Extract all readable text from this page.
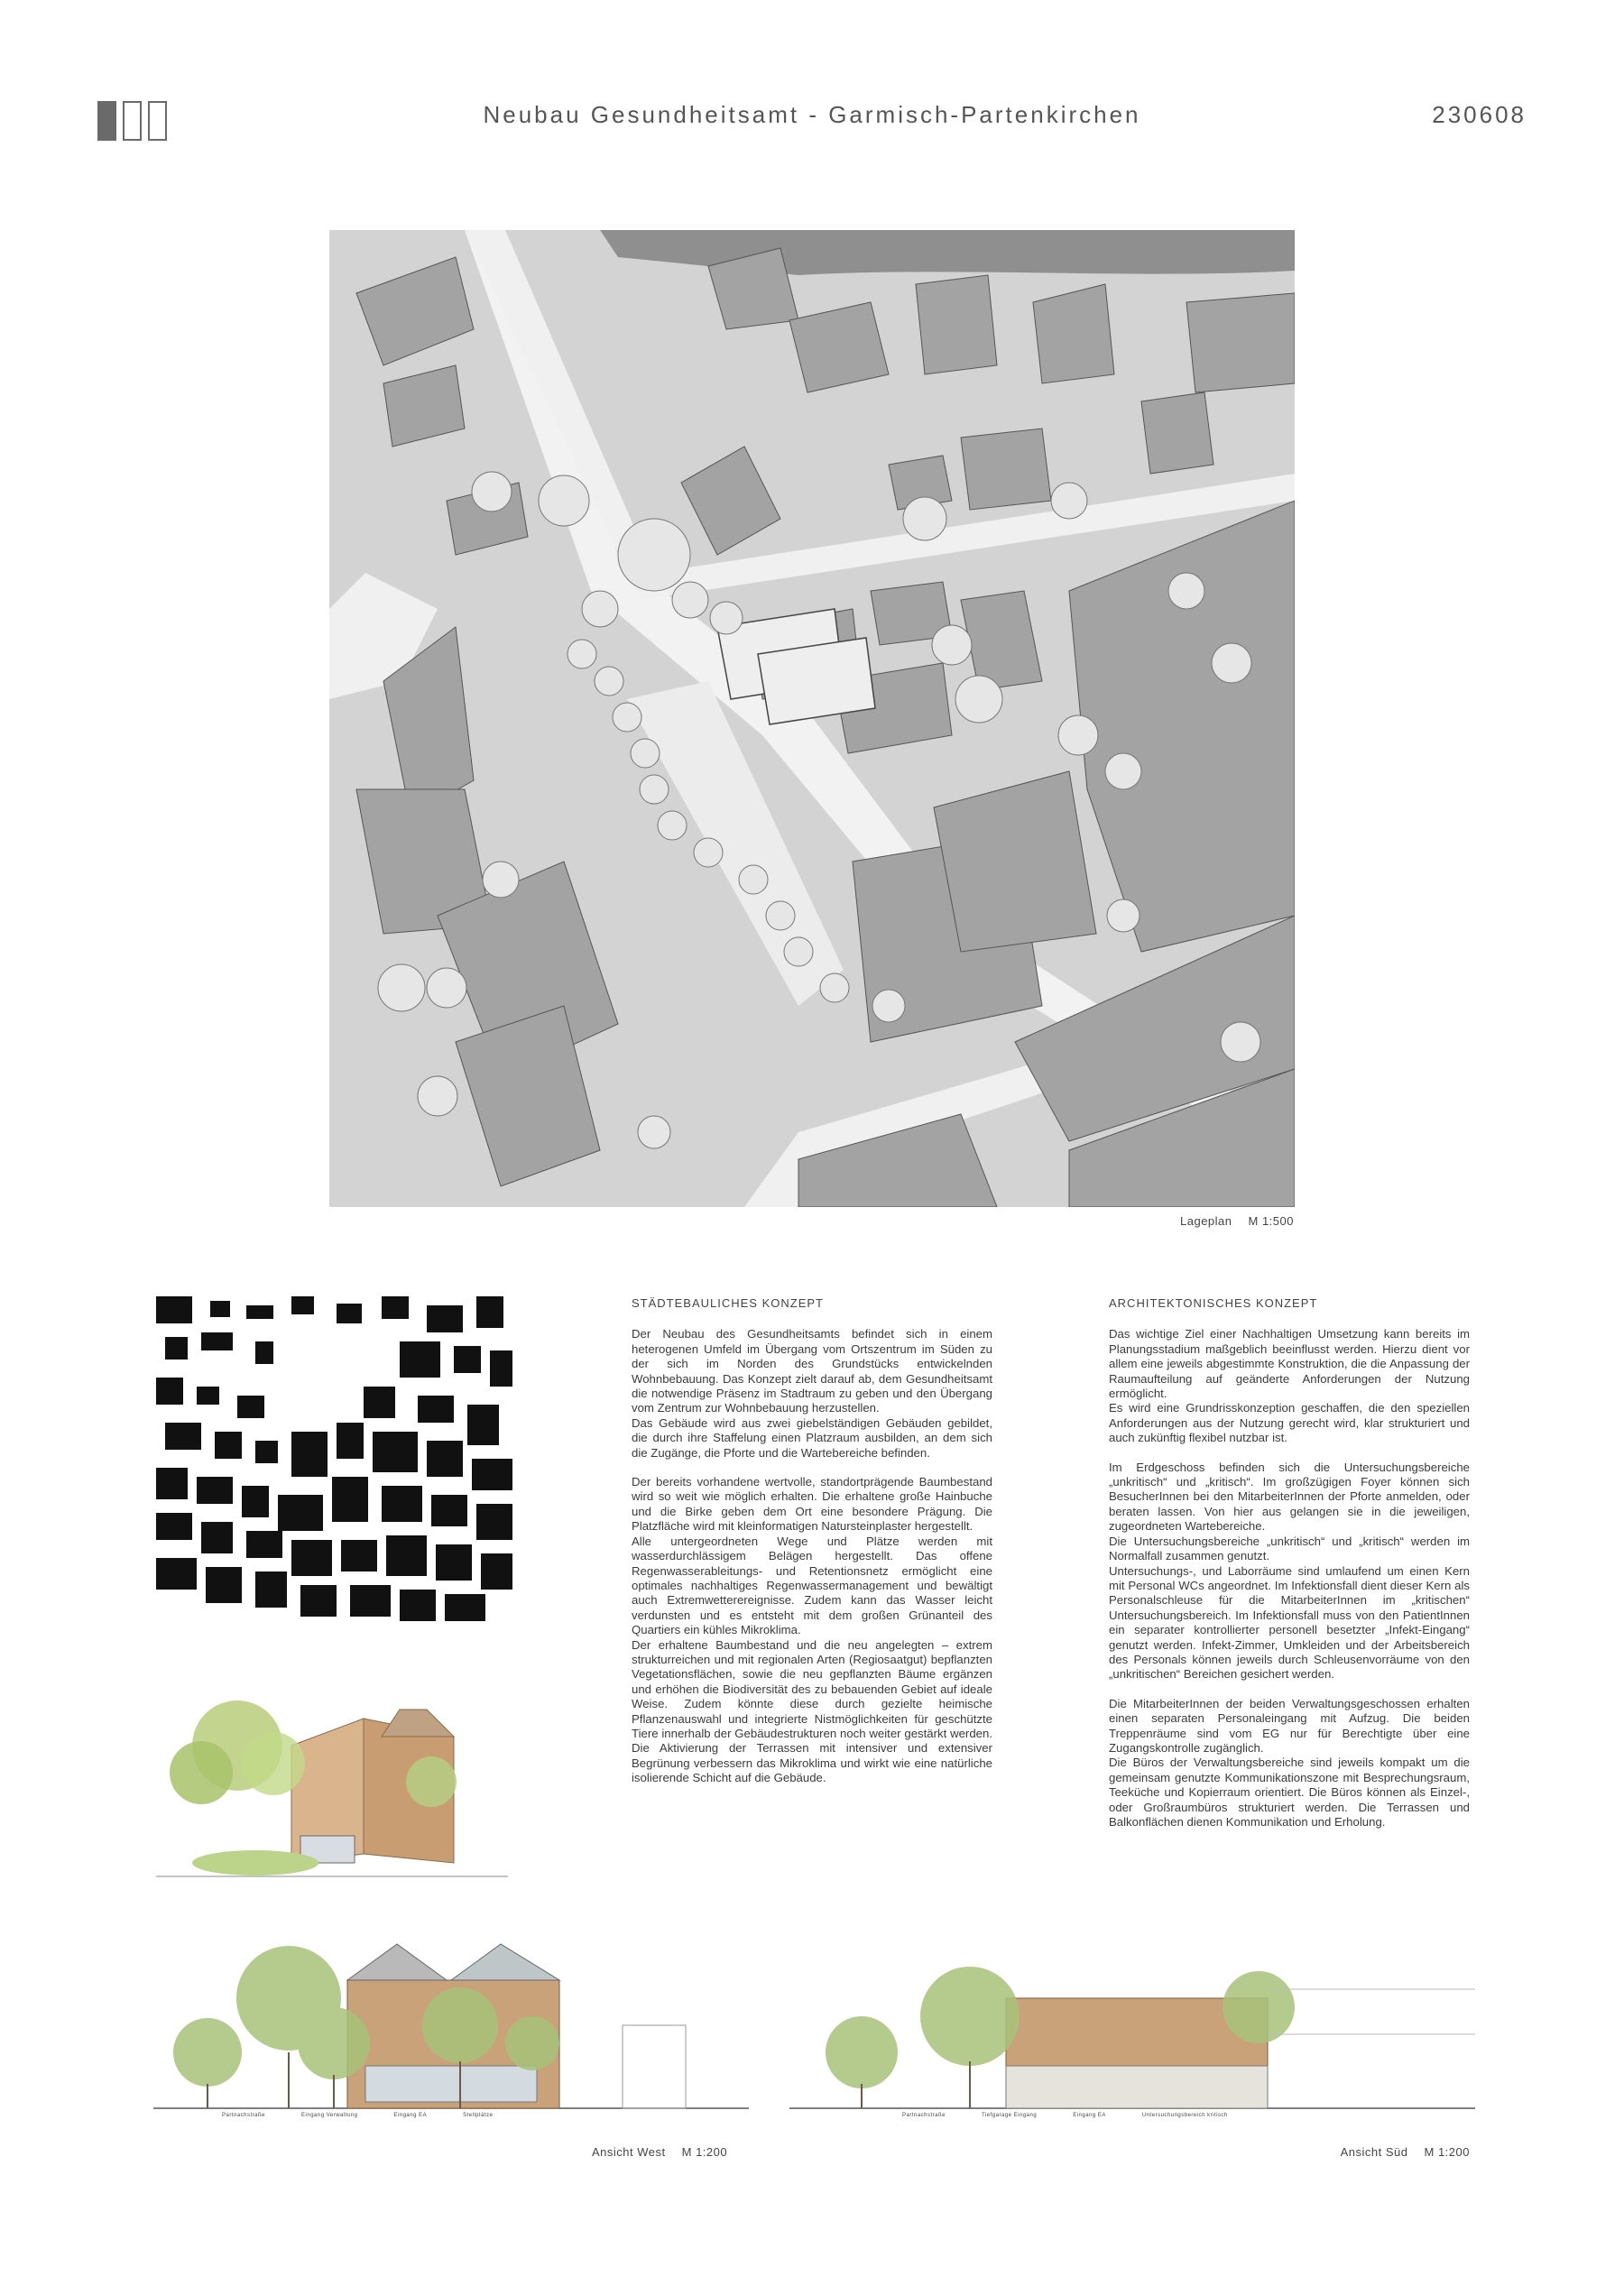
Neubau Gesundheitsamt - Garmisch-Partenkirchen	230608
Lageplan M 1:500
STÄDTEBAULICHES KONZEPT

Der Neubau des Gesundheitsamts befindet sich in einem heterogenen Umfeld im Übergang vom Ortszentrum im Süden zu der sich im Norden des Grundstücks entwickelnden Wohnbebauung. Das Konzept zielt darauf ab, dem Gesundheitsamt die notwendige Präsenz im Stadtraum zu geben und den Übergang vom Zentrum zur Wohnbebauung herzustellen.

Das Gebäude wird aus zwei giebelständigen Gebäuden gebildet, die durch ihre Staffelung einen Platzraum ausbilden, an dem sich die Zugänge, die Pforte und die Wartebereiche befinden.

Der bereits vorhandene wertvolle, standortprägende Baumbestand wird so weit wie möglich erhalten. Die erhaltene große Hainbuche und die Birke geben dem Ort eine besondere Prägung. Die Platzfläche wird mit kleinformatigen Natursteinplaster hergestellt.

Alle untergeordneten Wege und Plätze werden mit wasserdurchlässigem Belägen hergestellt. Das offene Regenwasserableitungs- und Retentionsnetz ermöglicht eine optimales nachhaltiges Regenwassermanagement und bewältigt auch Extremwetterereignisse. Zudem kann das Wasser leicht verdunsten und es entsteht mit dem großen Grünanteil des Quartiers ein kühles Mikroklima.

Der erhaltene Baumbestand und die neu angelegten – extrem strukturreichen und mit regionalen Arten (Regiosaatgut) bepflanzten Vegetationsflächen, sowie die neu gepflanzten Bäume ergänzen und erhöhen die Biodiversität des zu bebauenden Gebiet auf ideale Weise. Zudem könnte diese durch gezielte heimische Pflanzenauswahl und integrierte Nistmöglichkeiten für geschützte Tiere innerhalb der Gebäudestrukturen noch weiter gestärkt werden. Die Aktivierung der Terrassen mit intensiver und extensiver Begrünung verbessern das Mikroklima und wirkt wie eine natürliche isolierende Schicht auf die Gebäude.

ARCHITEKTONISCHES KONZEPT

Das wichtige Ziel einer Nachhaltigen Umsetzung kann bereits im Planungsstadium maßgeblich beeinflusst werden. Hierzu dient vor allem eine jeweils abgestimmte Konstruktion, die die Anpassung der Raumaufteilung auf geänderte Anforderungen der Nutzung ermöglicht.

Es wird eine Grundrisskonzeption geschaffen, die den speziellen Anforderungen aus der Nutzung gerecht wird, klar strukturiert und auch zukünftig flexibel nutzbar ist.

Im Erdgeschoss befinden sich die Untersuchungsbereiche „unkritisch“ und „kritisch“. Im großzügigen Foyer können sich BesucherInnen bei den MitarbeiterInnen der Pforte anmelden, oder beraten lassen. Von hier aus gelangen sie in die jeweiligen, zugeordneten Wartebereiche.

Die Untersuchungsbereiche „unkritisch“ und „kritisch“ werden im Normalfall zusammen genutzt.

Untersuchungs-, und Laborräume sind umlaufend um einen Kern mit Personal WCs angeordnet. Im Infektionsfall dient dieser Kern als Personalschleuse für die MitarbeiterInnen im „kritischen“ Untersuchungsbereich. Im Infektionsfall muss von den PatientInnen ein separater kontrollierter personell besetzter „Infekt-Eingang“ genutzt werden. Infekt-Zimmer, Umkleiden und der Arbeitsbereich des Personals können jeweils durch Schleusenvorräume von den „unkritischen“ Bereichen gesichert werden.

Die MitarbeiterInnen der beiden Verwaltungsgeschossen erhalten einen separaten Personaleingang mit Aufzug. Die beiden Treppenräume sind vom EG nur für Berechtigte über eine Zugangskontrolle zugänglich.

Die Büros der Verwaltungsbereiche sind jeweils kompakt um die gemeinsam genutzte Kommunikationszone mit Besprechungsraum, Teeküche und Kopierraum orientiert. Die Büros können als Einzel-, oder Großraumbüros strukturiert werden. Die Terrassen und Balkonflächen dienen Kommunikation und Erholung.

Partnachstraße	Eingang Verwaltung	Eingang EA	Stellplätze
Ansicht West M 1:200
Partnachstraße	Tiefgarage Eingang	Eingang EA	Untersuchungsbereich kritisch
Ansicht Süd M 1:200
